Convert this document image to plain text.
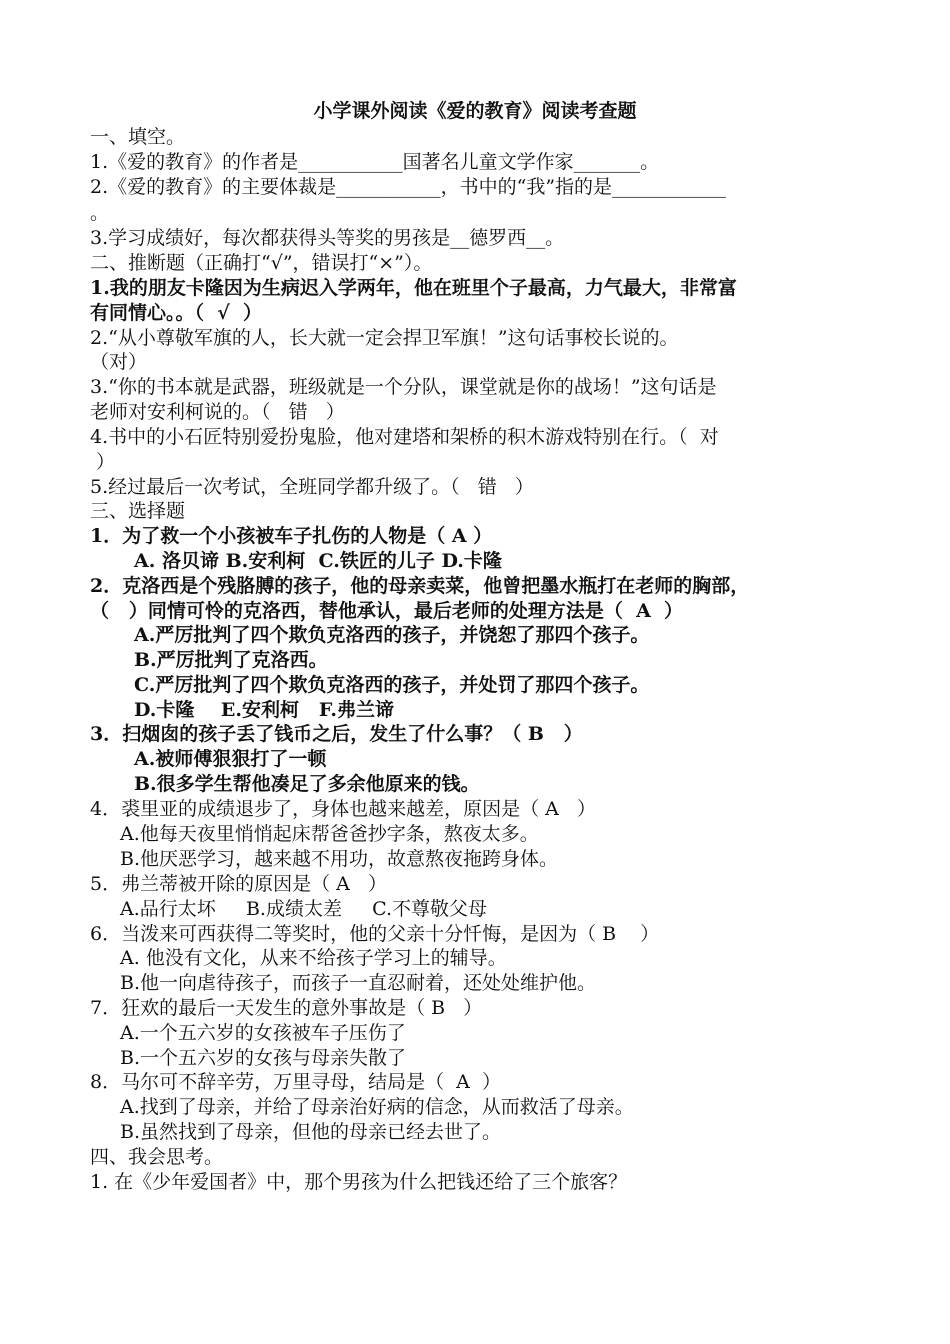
小学课外阅读《爱的教育》阅读考查题
一、填空。
1.《爱的教育》的作者是___________国著名儿童文学作家_______。
2.《爱的教育》的主要体裁是___________，书中的“我”指的是____________
。
3.学习成绩好，每次都获得头等奖的男孩是__德罗西__。
二、推断题（正确打“√”，错误打“×”）。
1.我的朋友卡隆因为生病迟入学两年，他在班里个子最高，力气最大，非常富
有同情心。。（  √  ）
2.“从小尊敬军旗的人，长大就一定会捍卫军旗！”这句话事校长说的。
（对）
3.“你的书本就是武器，班级就是一个分队，课堂就是你的战场！”这句话是
老师对安利柯说的。（   错   ）
4.书中的小石匠特别爱扮鬼脸，他对建塔和架桥的积木游戏特别在行。（  对
）
5.经过最后一次考试，全班同学都升级了。（   错   ）
三、选择题
1．为了救一个小孩被车子扎伤的人物是（ A ）
A. 洛贝谛 B.安利柯  C.铁匠的儿子 D.卡隆
2．克洛西是个残胳膊的孩子，他的母亲卖菜，他曾把墨水瓶打在老师的胸部，
（   ）同情可怜的克洛西，替他承认，最后老师的处理方法是（  A  ）
A.严厉批判了四个欺负克洛西的孩子，并饶恕了那四个孩子。
B.严厉批判了克洛西。
C.严厉批判了四个欺负克洛西的孩子，并处罚了那四个孩子。
D.卡隆    E.安利柯   F.弗兰谛
3．扫烟囱的孩子丢了钱币之后，发生了什么事？（ B   ）
A.被师傅狠狠打了一顿
B.很多学生帮他凑足了多余他原来的钱。
4．裘里亚的成绩退步了，身体也越来越差，原因是（ A   ）
A.他每天夜里悄悄起床帮爸爸抄字条，熬夜太多。
B.他厌恶学习，越来越不用功，故意熬夜拖跨身体。
5．弗兰蒂被开除的原因是（ A   ）
A.品行太坏     B.成绩太差     C.不尊敬父母
6．当泼来可西获得二等奖时，他的父亲十分忏悔，是因为（ B    ）
A. 他没有文化，从来不给孩子学习上的辅导。
B.他一向虐待孩子，而孩子一直忍耐着，还处处维护他。
7．狂欢的最后一天发生的意外事故是（ B   ）
A.一个五六岁的女孩被车子压伤了
B.一个五六岁的女孩与母亲失散了
8．马尔可不辞辛劳，万里寻母，结局是（  A  ）
A.找到了母亲，并给了母亲治好病的信念，从而救活了母亲。
B.虽然找到了母亲，但他的母亲已经去世了。
四、我会思考。
1. 在《少年爱国者》中，那个男孩为什么把钱还给了三个旅客？
